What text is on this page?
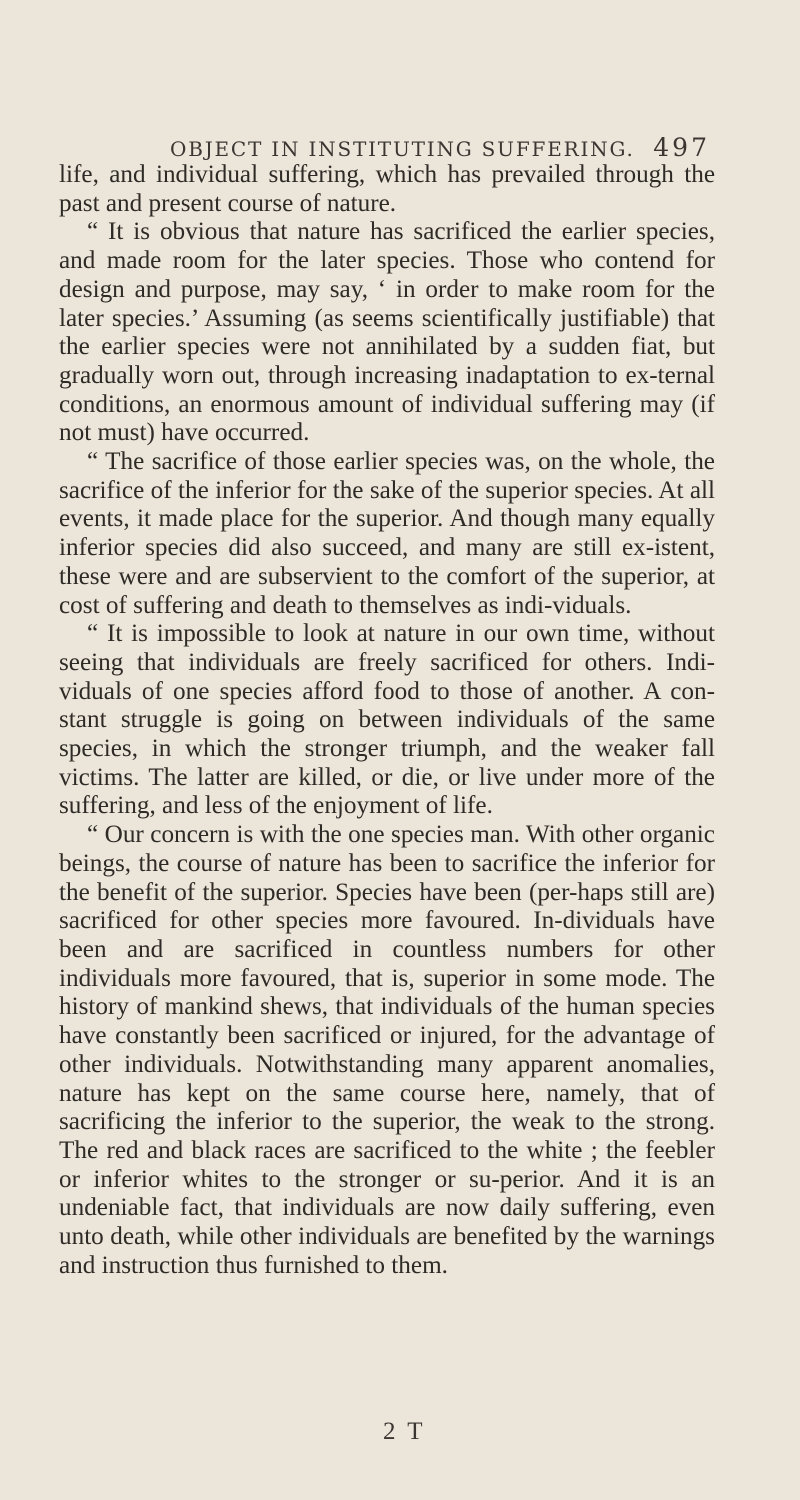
OBJECT IN INSTITUTING SUFFERING. 497

life, and individual suffering, which has prevailed through the past and present course of nature.

“ It is obvious that nature has sacrificed the earlier species, and made room for the later species. Those who contend for design and purpose, may say, ‘ in order to make room for the later species.’ Assuming (as seems scientifically justifiable) that the earlier species were not annihilated by a sudden fiat, but gradually worn out, through increasing inadaptation to ex-ternal conditions, an enormous amount of individual suffering may (if not must) have occurred.

“ The sacrifice of those earlier species was, on the whole, the sacrifice of the inferior for the sake of the superior species. At all events, it made place for the superior. And though many equally inferior species did also succeed, and many are still ex-istent, these were and are subservient to the comfort of the superior, at cost of suffering and death to themselves as indi-viduals.

“ It is impossible to look at nature in our own time, without seeing that individuals are freely sacrificed for others. Indi-viduals of one species afford food to those of another. A con-stant struggle is going on between individuals of the same species, in which the stronger triumph, and the weaker fall victims. The latter are killed, or die, or live under more of the suffering, and less of the enjoyment of life.

“ Our concern is with the one species man. With other organic beings, the course of nature has been to sacrifice the inferior for the benefit of the superior. Species have been (per-haps still are) sacrificed for other species more favoured. In-dividuals have been and are sacrificed in countless numbers for other individuals more favoured, that is, superior in some mode. The history of mankind shews, that individuals of the human species have constantly been sacrificed or injured, for the advantage of other individuals. Notwithstanding many apparent anomalies, nature has kept on the same course here, namely, that of sacrificing the inferior to the superior, the weak to the strong. The red and black races are sacrificed to the white ; the feebler or inferior whites to the stronger or su-perior. And it is an undeniable fact, that individuals are now daily suffering, even unto death, while other individuals are benefited by the warnings and instruction thus furnished to them.

2 T
